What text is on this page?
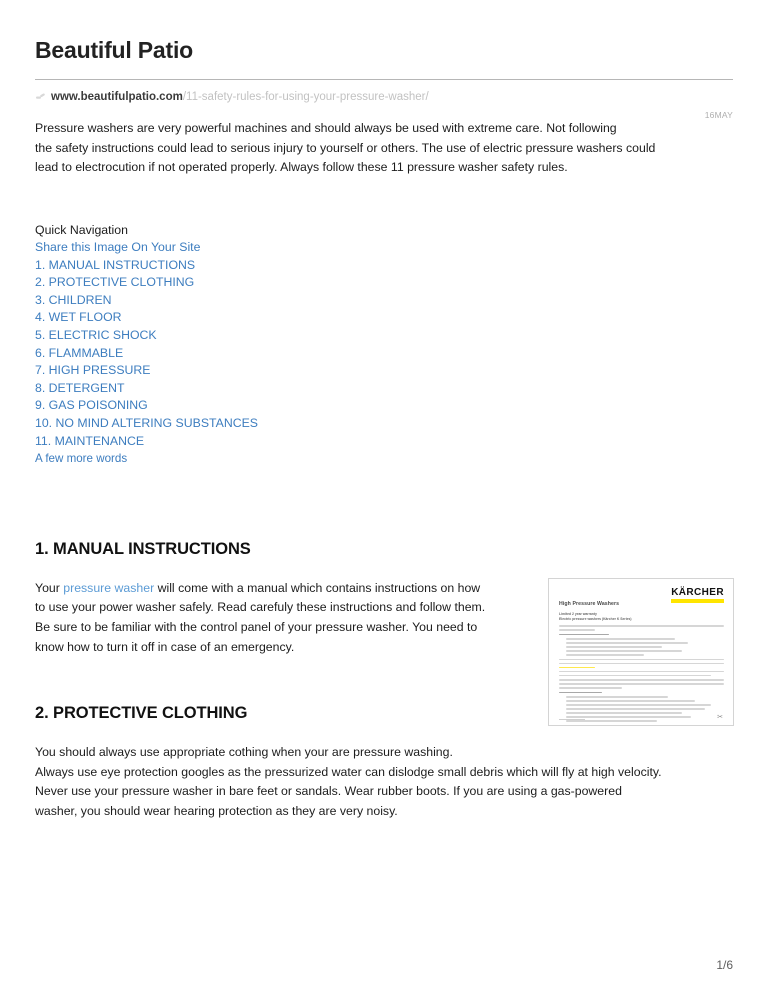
Beautiful Patio
www.beautifulpatio.com /11-safety-rules-for-using-your-pressure-washer/
16MAY
Pressure washers are very powerful machines and should always be used with extreme care. Not following
the safety instructions could lead to serious injury to yourself or others. The use of electric pressure washers could
lead to electrocution if not operated properly. Always follow these 11 pressure washer safety rules.
Quick Navigation
Share this Image On Your Site
1. MANUAL INSTRUCTIONS
2. PROTECTIVE CLOTHING
3. CHILDREN
4. WET FLOOR
5. ELECTRIC SHOCK
6. FLAMMABLE
7. HIGH PRESSURE
8. DETERGENT
9. GAS POISONING
10. NO MIND ALTERING SUBSTANCES
11. MAINTENANCE
A few more words
1. MANUAL INSTRUCTIONS
Your pressure washer will come with a manual which contains instructions on how
to use your power washer safely. Read carefuly these instructions and follow them.
Be sure to be familiar with the control panel of your pressure washer. You need to
know how to turn it off in case of an emergency.
2. PROTECTIVE CLOTHING
You should always use appropriate cothing when your are pressure washing.
Always use eye protection googles as the pressurized water can dislodge small debris which will fly at high velocity.
Never use your pressure washer in bare feet or sandals. Wear rubber boots. If you are using a gas-powered
washer, you should wear hearing protection as they are very noisy.
KÄRCHER
High Pressure Washers
Limited 2 year warranty
Electric pressure washers (Kärcher K Series)
✂
1/6
